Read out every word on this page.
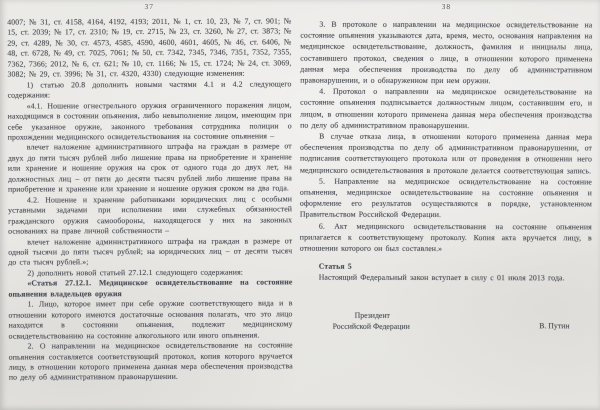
37

4007; № 31, ст. 4158, 4164, 4192, 4193; 2011, № 1, ст. 10, 23, № 7, ст. 901; № 15, ст. 2039; № 17, ст. 2310; № 19, ст. 2715, № 23, ст. 3260, № 27, ст. 3873; № 29, ст. 4289, № 30, ст. 4573, 4585, 4590, 4600, 4601, 4605, № 46, ст. 6406, № 48, ст. 6728, № 49, ст. 7025, 7061; № 50, ст. 7342, 7345, 7346, 7351, 7352, 7355, 7362, 7366; 2012, № 6, ст. 621; № 10, ст. 1166; № 15, ст. 1724; № 24, ст. 3069, 3082; № 29, ст. 3996; № 31, ст. 4320, 4330) следующие изменения:

1) статью 20.8 дополнить новыми частями 4.1 и 4.2 следующего содержания:

«4.1. Ношение огнестрельного оружия ограниченного поражения лицом, находящимся в состоянии опьянения, либо невыполнение лицом, имеющим при себе указанное оружие, законного требования сотрудника полиции о прохождении медицинского освидетельствования на состояние опьянения –

влечет наложение административного штрафа на граждан в размере от двух до пяти тысяч рублей либо лишение права на приобретение и хранение или хранение и ношение оружия на срок от одного года до двух лет, на должностных лиц – от пяти до десяти тысяч рублей либо лишение права на приобретение и хранение или хранение и ношение оружия сроком на два года.

4.2. Ношение и хранение работниками юридических лиц с особыми уставными задачами при исполнении ими служебных обязанностей гражданского оружия самообороны, находящегося у них на законных основаниях на праве личной собственности –

влечет наложение административного штрафа на граждан в размере от одной тысячи до пяти тысяч рублей; на юридических лиц – от десяти тысяч до ста тысяч рублей.»;

2) дополнить новой статьей 27.12.1 следующего содержания:

«Статья 27.12.1. Медицинское освидетельствование на состояние опьянения владельцев оружия

1. Лицо, которое имеет при себе оружие соответствующего вида и в отношении которого имеются достаточные основания полагать, что это лицо находится в состоянии опьянения, подлежит медицинскому освидетельствованию на состояние алкогольного или иного опьянения.

2. О направлении на медицинское освидетельствование на состояние опьянения составляется соответствующий протокол, копия которого вручается лицу, в отношении которого применена данная мера обеспечения производства по делу об административном правонарушении.

38

3. В протоколе о направлении на медицинское освидетельствование на состояние опьянения указываются дата, время, место, основания направления на медицинское освидетельствование, должность, фамилия и инициалы лица, составившего протокол, сведения о лице, в отношении которого применена данная мера обеспечения производства по делу об административном правонарушении, и о обнаруженном при нем оружии.

4. Протокол о направлении на медицинское освидетельствование на состояние опьянения подписывается должностным лицом, составившим его, и лицом, в отношении которого применена данная мера обеспечения производства по делу об административном правонарушении.

В случае отказа лица, в отношении которого применена данная мера обеспечения производства по делу об административном правонарушении, от подписания соответствующего протокола или от проведения в отношении него медицинского освидетельствования в протоколе делается соответствующая запись.

5. Направление на медицинское освидетельствование на состояние опьянения, медицинское освидетельствование на состояние опьянения и оформление его результатов осуществляются в порядке, установленном Правительством Российской Федерации.

6. Акт медицинского освидетельствования на состояние опьянения прилагается к соответствующему протоколу. Копия акта вручается лицу, в отношении которого он был составлен.»

Статья 5

Настоящий Федеральный закон вступает в силу с 01 июля 2013 года.

Президент
Российской Федерации	В. Путин
